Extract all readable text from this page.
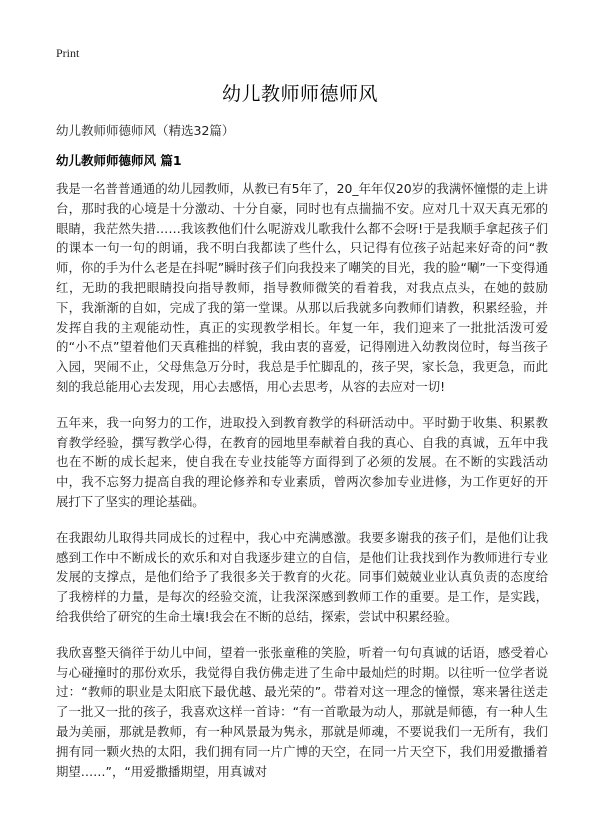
Print
幼儿教师师德师风
幼儿教师师德师风（精选32篇）
幼儿教师师德师风 篇1

我是一名普普通通的幼儿园教师，从教已有5年了，20_年年仅20岁的我满怀憧憬的走上讲台，那时我的心境是十分激动、十分自豪，同时也有点揣揣不安。应对几十双天真无邪的眼睛，我茫然失措……我该教他们什么呢游戏儿歌我什么都不会呀!于是我顺手拿起孩子们的课本一句一句的朗诵，我不明白我都读了些什么，只记得有位孩子站起来好奇的问“教师，你的手为什么老是在抖呢”瞬时孩子们向我投来了嘲笑的目光，我的脸“唰”一下变得通红，无助的我把眼睛投向指导教师，指导教师微笑的看着我，对我点点头，在她的鼓励下，我渐渐的自如，完成了我的第一堂课。从那以后我就多向教师们请教，积累经验，并发挥自我的主观能动性，真正的实现教学相长。年复一年，我们迎来了一批批活泼可爱的“小不点”望着他们天真稚拙的样貌，我由衷的喜爱，记得刚进入幼教岗位时，每当孩子入园，哭闹不止，父母焦急万分时，我总是手忙脚乱的，孩子哭，家长急，我更急，而此刻的我总能用心去发现，用心去感悟，用心去思考，从容的去应对一切!

五年来，我一向努力的工作，进取投入到教育教学的科研活动中。平时勤于收集、积累教育教学经验，撰写教学心得，在教育的园地里奉献着自我的真心、自我的真诚，五年中我也在不断的成长起来，使自我在专业技能等方面得到了必须的发展。在不断的实践活动中，我不忘努力提高自我的理论修养和专业素质，曾两次参加专业进修，为工作更好的开展打下了坚实的理论基础。

在我跟幼儿取得共同成长的过程中，我心中充满感激。我要多谢我的孩子们，是他们让我感到工作中不断成长的欢乐和对自我逐步建立的自信，是他们让我找到作为教师进行专业发展的支撑点，是他们给予了我很多关于教育的火花。同事们兢兢业业认真负责的态度给了我榜样的力量，是每次的经验交流，让我深深感到教师工作的重要。是工作，是实践，给我供给了研究的生命土壤!我会在不断的总结，探索，尝试中积累经验。

我欣喜整天徜徉于幼儿中间，望着一张张童稚的笑脸，听着一句句真诚的话语，感受着心与心碰撞时的那份欢乐，我觉得自我仿佛走进了生命中最灿烂的时期。以往听一位学者说过：“教师的职业是太阳底下最优越、最光荣的”。带着对这一理念的憧憬，寒来暑往送走了一批又一批的孩子，我喜欢这样一首诗：“有一首歌最为动人，那就是师德，有一种人生最为美丽，那就是教师，有一种风景最为隽永，那就是师魂，不要说我们一无所有，我们拥有同一颗火热的太阳，我们拥有同一片广博的天空，在同一片天空下，我们用爱撒播着期望……”，“用爱撒播期望，用真诚对
